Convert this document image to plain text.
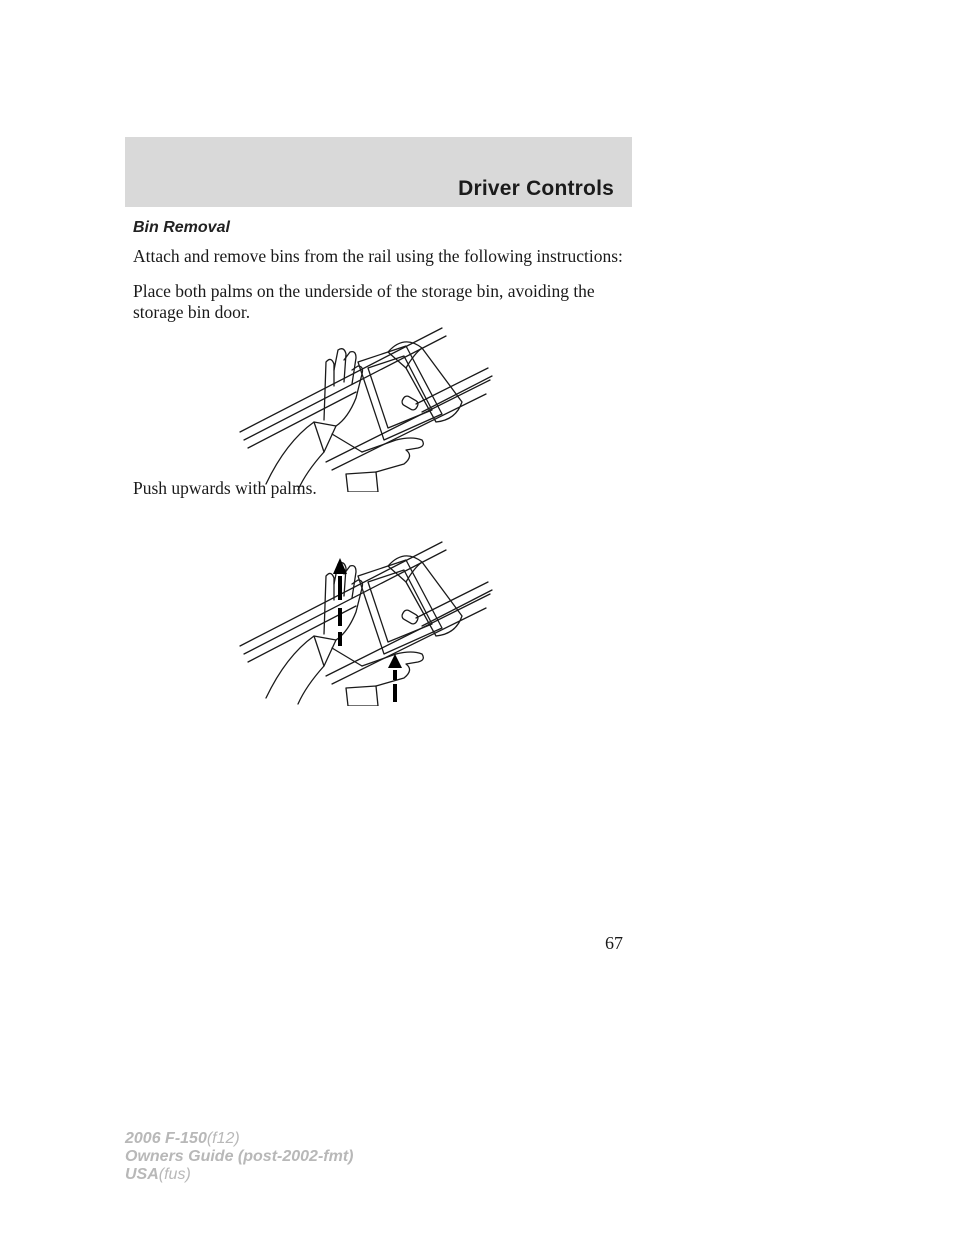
Driver Controls
Bin Removal
Attach and remove bins from the rail using the following instructions:
Place both palms on the underside of the storage bin, avoiding the storage bin door.
Push upwards with palms.
67
2006 F-150(f12)
Owners Guide (post-2002-fmt)
USA(fus)
